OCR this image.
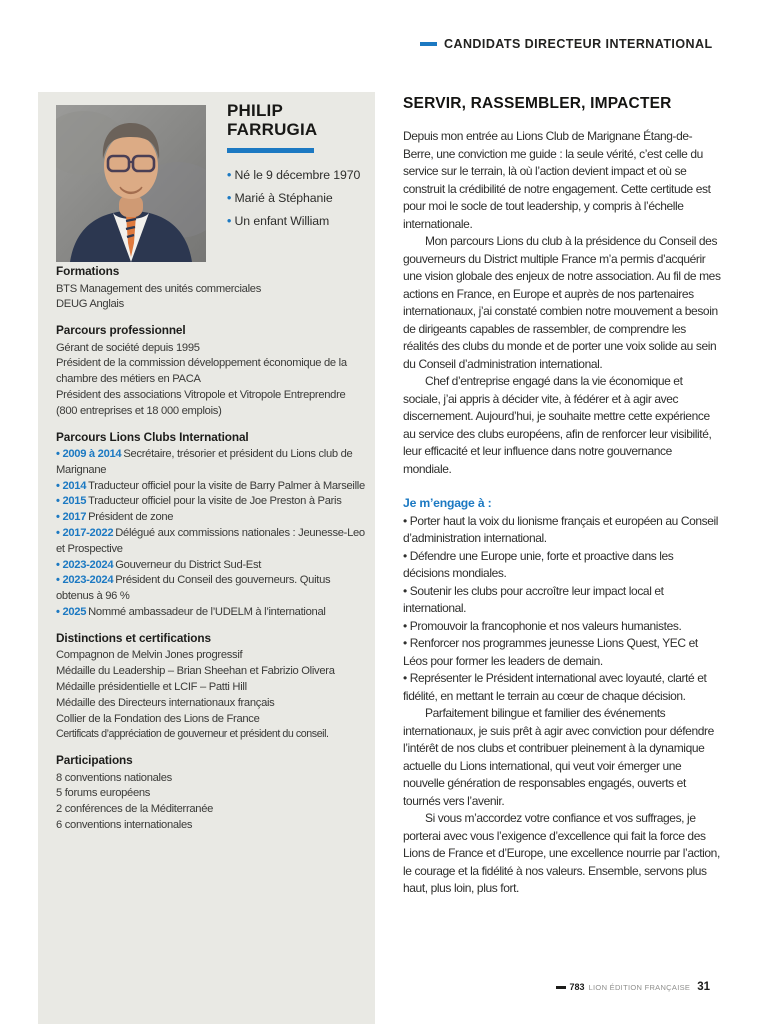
CANDIDATS DIRECTEUR INTERNATIONAL
PHILIP
FARRUGIA
• Né le 9 décembre 1970
• Marié à Stéphanie
• Un enfant William
Formations
BTS Management des unités commerciales
DEUG Anglais
Parcours professionnel
Gérant de société depuis 1995
Président de la commission développement économique de la chambre des métiers en PACA
Président des associations Vitropole et Vitropole Entreprendre (800 entreprises et 18 000 emplois)
Parcours Lions Clubs International
• 2009 à 2014 Secrétaire, trésorier et président du Lions club de Marignane
• 2014 Traducteur officiel pour la visite de Barry Palmer à Marseille
• 2015 Traducteur officiel pour la visite de Joe Preston à Paris
• 2017 Président de zone
• 2017-2022 Délégué aux commissions nationales : Jeunesse-Leo et Prospective
• 2023-2024 Gouverneur du District Sud-Est
• 2023-2024 Président du Conseil des gouverneurs. Quitus obtenus à 96 %
• 2025 Nommé ambassadeur de l’UDELM à l’international
Distinctions et certifications
Compagnon de Melvin Jones progressif
Médaille du Leadership – Brian Sheehan et Fabrizio Olivera
Médaille présidentielle et LCIF – Patti Hill
Médaille des Directeurs internationaux français
Collier de la Fondation des Lions de France
Certificats d’appréciation de gouverneur et président du conseil.
Participations
8 conventions nationales
5 forums européens
2 conférences de la Méditerranée
6 conventions internationales
SERVIR, RASSEMBLER, IMPACTER

Depuis mon entrée au Lions Club de Marignane Étang-de-Berre, une conviction me guide : la seule vérité, c’est celle du service sur le terrain, là où l’action devient impact et où se construit la crédibilité de notre engagement. Cette certitude est pour moi le socle de tout leadership, y compris à l’échelle internationale.

Mon parcours Lions du club à la présidence du Conseil des gouverneurs du District multiple France m’a permis d’acquérir une vision globale des enjeux de notre association. Au fil de mes actions en France, en Europe et auprès de nos partenaires internationaux, j’ai constaté combien notre mouvement a besoin de dirigeants capables de rassembler, de comprendre les réalités des clubs du monde et de porter une voix solide au sein du Conseil d’administration international.

Chef d’entreprise engagé dans la vie économique et sociale, j’ai appris à décider vite, à fédérer et à agir avec discernement. Aujourd’hui, je souhaite mettre cette expérience au service des clubs européens, afin de renforcer leur visibilité, leur efficacité et leur influence dans notre gouvernance mondiale.

Je m’engage à :
• Porter haut la voix du lionisme français et européen au Conseil d’administration international.
• Défendre une Europe unie, forte et proactive dans les décisions mondiales.
• Soutenir les clubs pour accroître leur impact local et international.
• Promouvoir la francophonie et nos valeurs humanistes.
• Renforcer nos programmes jeunesse Lions Quest, YEC et Léos pour former les leaders de demain.
• Représenter le Président international avec loyauté, clarté et fidélité, en mettant le terrain au cœur de chaque décision.

Parfaitement bilingue et familier des événements internationaux, je suis prêt à agir avec conviction pour défendre l’intérêt de nos clubs et contribuer pleinement à la dynamique actuelle du Lions international, qui veut voir émerger une nouvelle génération de responsables engagés, ouverts et tournés vers l’avenir.

Si vous m’accordez votre confiance et vos suffrages, je porterai avec vous l’exigence d’excellence qui fait la force des Lions de France et d’Europe, une excellence nourrie par l’action, le courage et la fidélité à nos valeurs. Ensemble, servons plus haut, plus loin, plus fort.

783 LION ÉDITION FRANÇAISE 31
